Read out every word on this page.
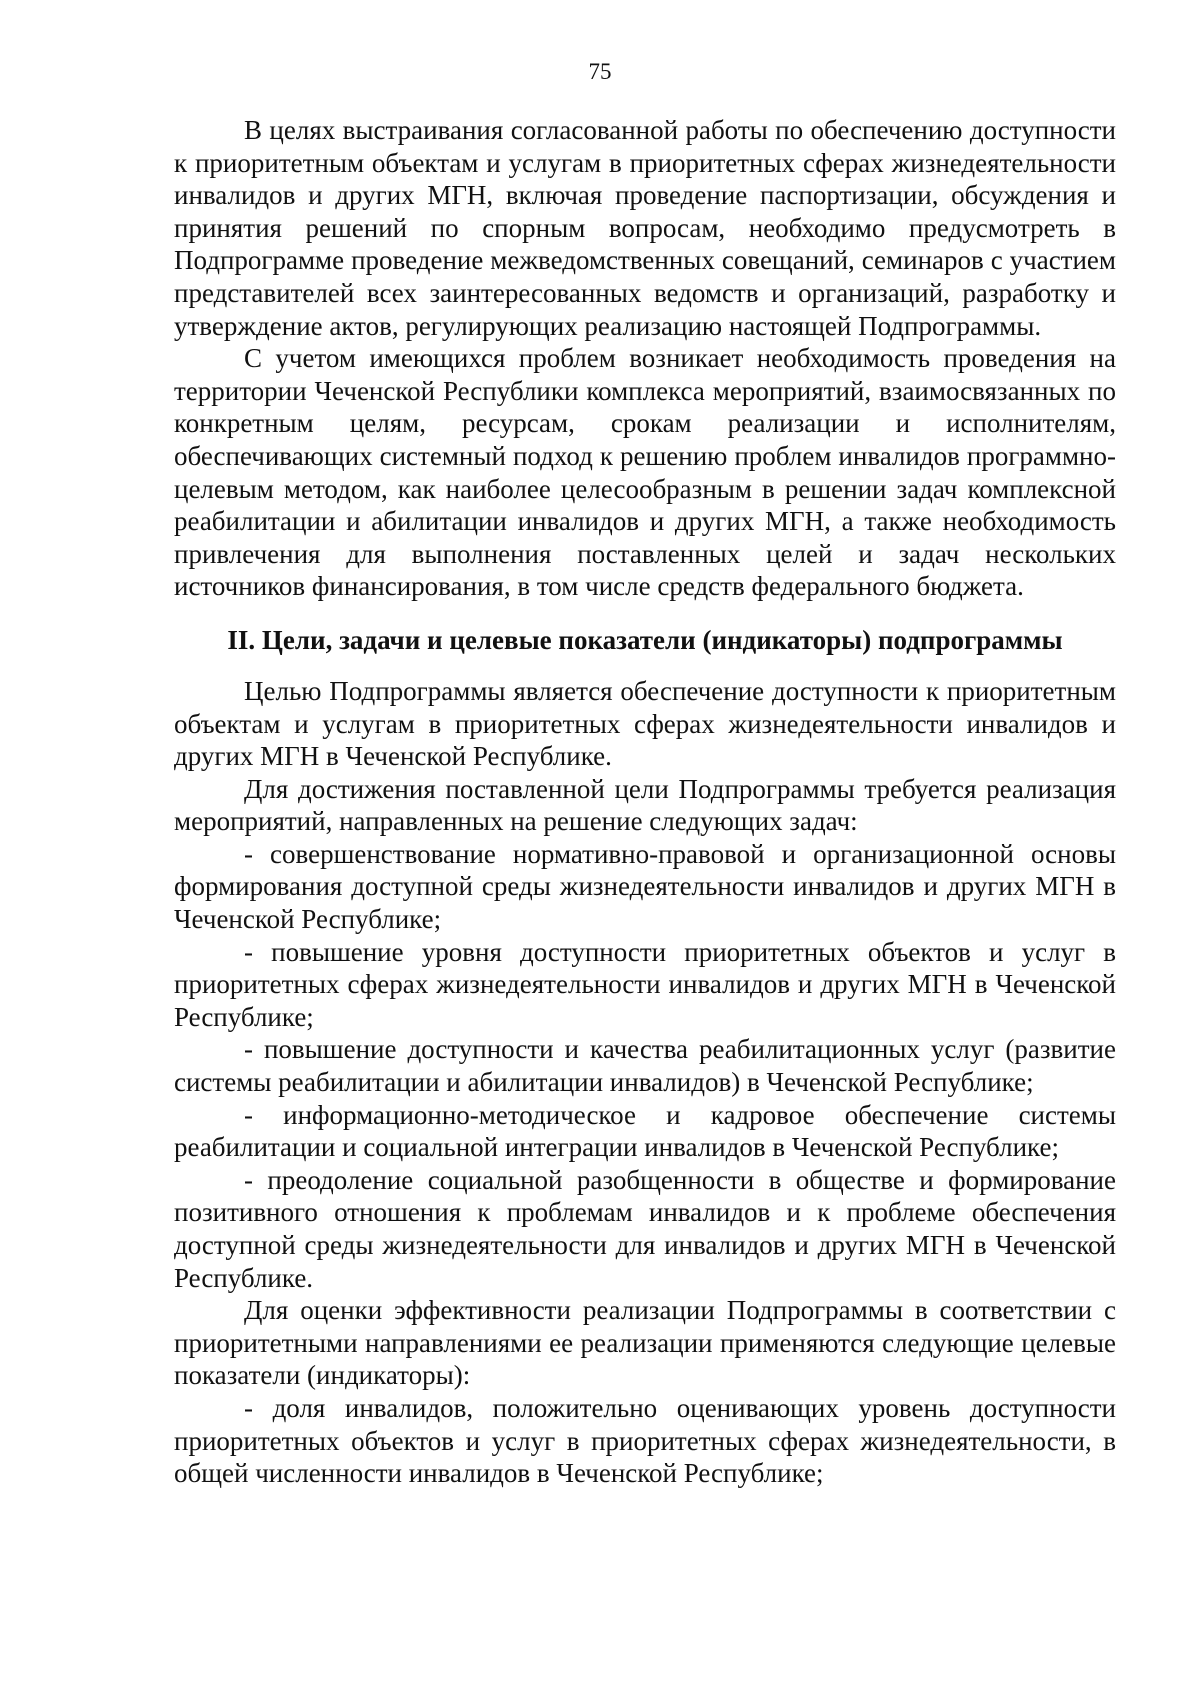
75

В целях выстраивания согласованной работы по обеспечению доступности к приоритетным объектам и услугам в приоритетных сферах жизнедеятельности инвалидов и других МГН, включая проведение паспортизации, обсуждения и принятия решений по спорным вопросам, необходимо предусмотреть в Подпрограмме проведение межведомственных совещаний, семинаров с участием представителей всех заинтересованных ведомств и организаций, разработку и утверждение актов, регулирующих реализацию настоящей Подпрограммы.

С учетом имеющихся проблем возникает необходимость проведения на территории Чеченской Республики комплекса мероприятий, взаимосвязанных по конкретным целям, ресурсам, срокам реализации и исполнителям, обеспечивающих системный подход к решению проблем инвалидов программно-целевым методом, как наиболее целесообразным в решении задач комплексной реабилитации и абилитации инвалидов и других МГН, а также необходимость привлечения для выполнения поставленных целей и задач нескольких источников финансирования, в том числе средств федерального бюджета.

II. Цели, задачи и целевые показатели (индикаторы) подпрограммы

Целью Подпрограммы является обеспечение доступности к приоритетным объектам и услугам в приоритетных сферах жизнедеятельности инвалидов и других МГН в Чеченской Республике.

Для достижения поставленной цели Подпрограммы требуется реализация мероприятий, направленных на решение следующих задач:

- совершенствование нормативно-правовой и организационной основы формирования доступной среды жизнедеятельности инвалидов и других МГН в Чеченской Республике;

- повышение уровня доступности приоритетных объектов и услуг в приоритетных сферах жизнедеятельности инвалидов и других МГН в Чеченской Республике;

- повышение доступности и качества реабилитационных услуг (развитие системы реабилитации и абилитации инвалидов) в Чеченской Республике;

- информационно-методическое и кадровое обеспечение системы реабилитации и социальной интеграции инвалидов в Чеченской Республике;

- преодоление социальной разобщенности в обществе и формирование позитивного отношения к проблемам инвалидов и к проблеме обеспечения доступной среды жизнедеятельности для инвалидов и других МГН в Чеченской Республике.

Для оценки эффективности реализации Подпрограммы в соответствии с приоритетными направлениями ее реализации применяются следующие целевые показатели (индикаторы):

- доля инвалидов, положительно оценивающих уровень доступности приоритетных объектов и услуг в приоритетных сферах жизнедеятельности, в общей численности инвалидов в Чеченской Республике;
